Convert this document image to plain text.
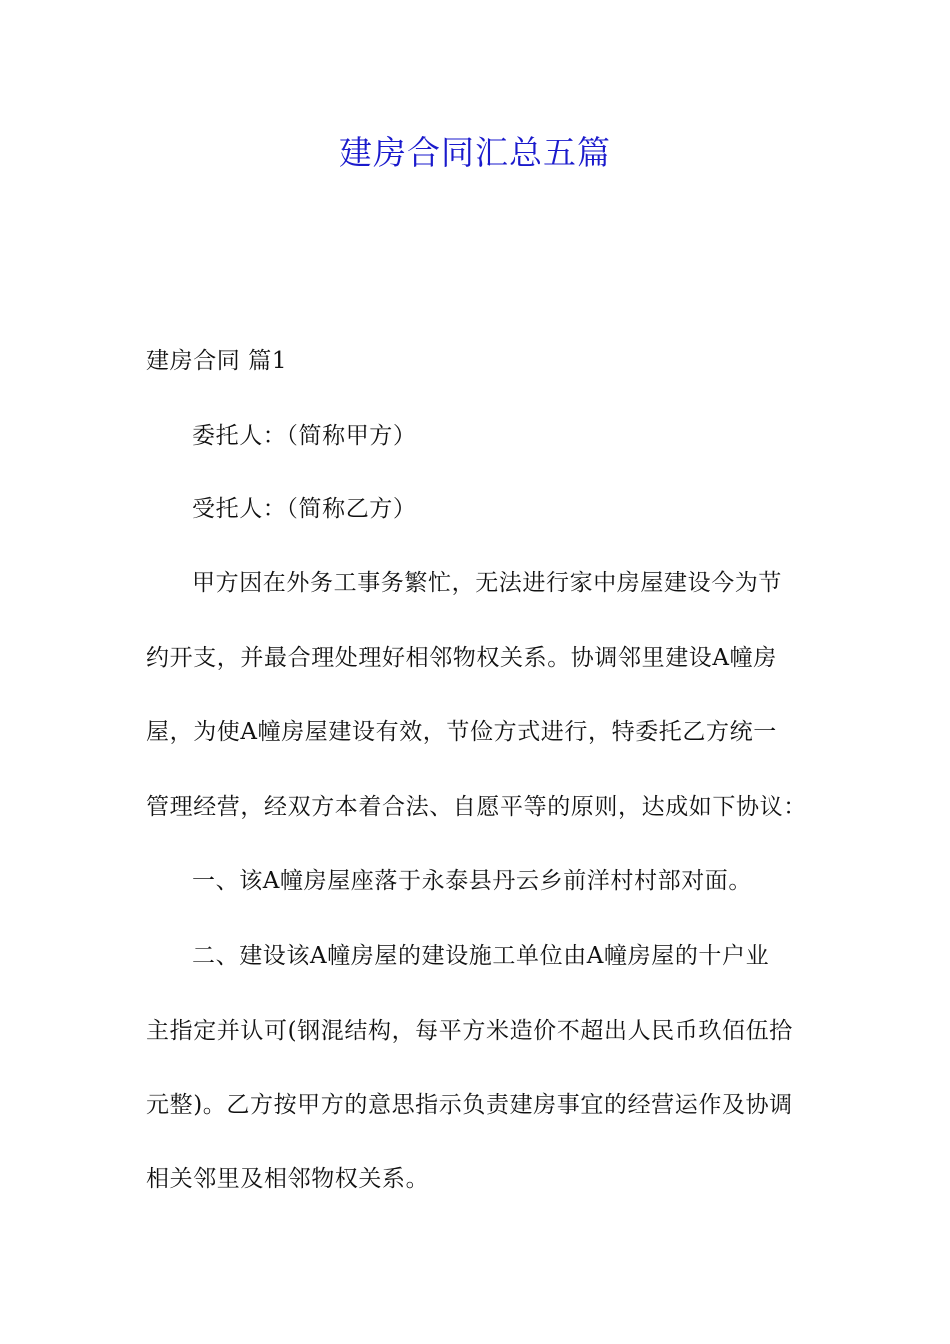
建房合同汇总五篇
建房合同 篇1
委托人：（简称甲方）
受托人：（简称乙方）
甲方因在外务工事务繁忙，无法进行家中房屋建设今为节
约开支，并最合理处理好相邻物权关系。协调邻里建设A幢房
屋，为使A幢房屋建设有效，节俭方式进行，特委托乙方统一
管理经营，经双方本着合法、自愿平等的原则，达成如下协议：
一、该A幢房屋座落于永泰县丹云乡前洋村村部对面。
二、建设该A幢房屋的建设施工单位由A幢房屋的十户业
主指定并认可(钢混结构，每平方米造价不超出人民币玖佰伍拾
元整)。乙方按甲方的意思指示负责建房事宜的经营运作及协调
相关邻里及相邻物权关系。
